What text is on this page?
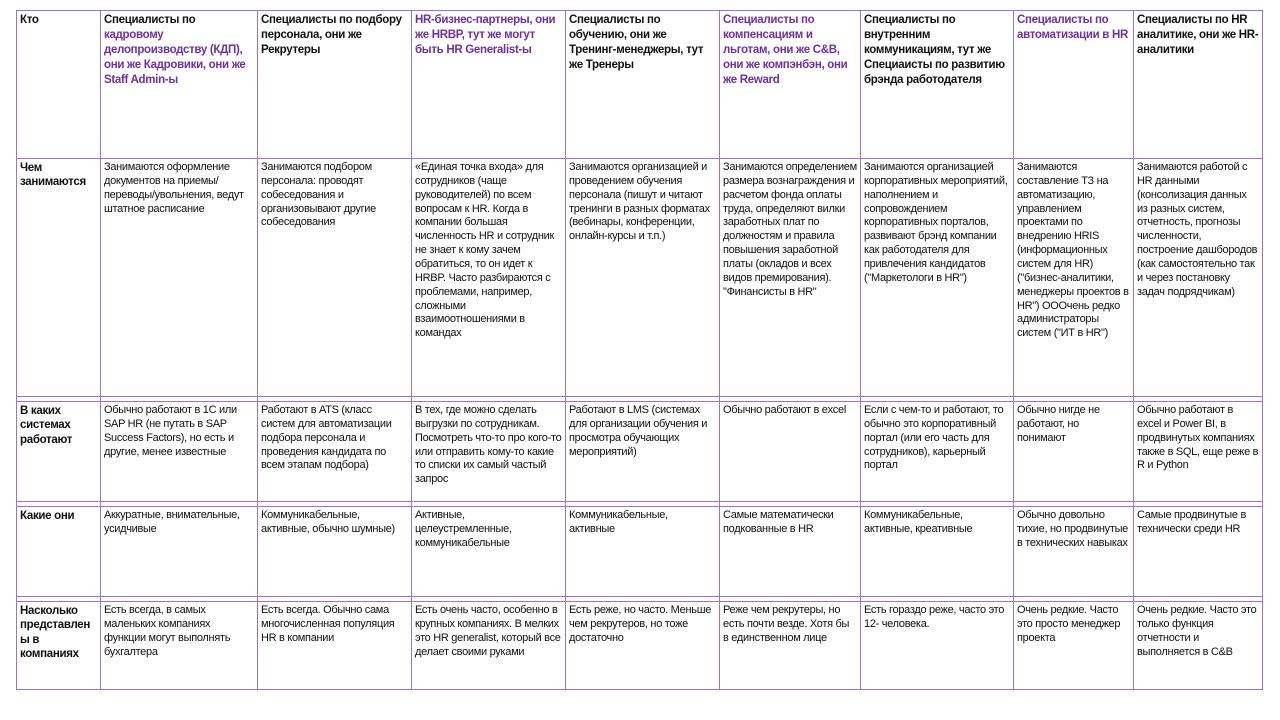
Кто	Специалисты по кадровому делопроизводству (КДП), они же Кадровики, они же Staff Admin-ы	Специалисты по подбору персонала, они же Рекрутеры	HR-бизнес-партнеры, они же HRBP, тут же могут быть HR Generalist-ы	Специалисты по обучению, они же Тренинг-менеджеры, тут же Тренеры	Специалисты по компенсациям и льготам, они же C&B, они же компэнбэн, они же Reward	Специалисты по внутренним коммуникациям, тут же Специаисты по развитию брэнда работодателя	Специалисты по автоматизации в HR	Специалисты по HR аналитике, они же HR-аналитики
Чем занимаются	Занимаются оформление документов на приемы/переводы/увольнения, ведут штатное расписание	Занимаются подбором персонала: проводят собеседования и организовывают другие собеседования	«Единая точка входа» для сотрудников (чаще руководителей) по всем вопросам к HR. Когда в компании большая численность HR и сотрудник не знает к кому зачем обратиться, то он идет к HRBP. Часто разбираются с проблемами, например, сложными взаимоотношениями в командах	Занимаются организацией и проведением обучения персонала (пишут и читают тренинги в разных форматах (вебинары, конференции, онлайн-курсы и т.п.)	Занимаются определением размера вознаграждения и расчетом фонда оплаты труда, определяют вилки заработных плат по должностям и правила повышения заработной платы (окладов и всех видов премирования). "Финансисты в HR"	Занимаются организацией корпоративных мероприятий, наполнением и сопровождением корпоративных порталов, развивают брэнд компании как работодателя для привлечения кандидатов ("Маркетологи в HR")	Занимаются составление ТЗ на автоматизацию, управлением проектами по внедрению HRIS (информационных систем для HR) ("бизнес-аналитики, менеджеры проектов в HR") ОООчень редко администраторы систем ("ИТ в HR")	Занимаются работой с HR данными (консолизация данных из разных систем, отчетность, прогнозы численности, построение дашбородов (как самостоятельно так и через постановку задач подрядчикам)

В каких системах работают	Обычно работают в 1С или SAP HR (не путать в SAP Success Factors), но есть и другие, менее известные	Работают в ATS (класс систем для автоматизации подбора персонала и проведения кандидата по всем этапам подбора)	В тех, где можно сделать выгрузки по сотрудникам. Посмотреть что-то про кого-то или отправить кому-то какие то списки их самый частый запрос	Работают в LMS (системах для организации обучения и просмотра обучающих мероприятий)	Обычно работают в excel	Если с чем-то и работают, то обычно это корпоративный портал (или его часть для сотрудников), карьерный портал	Обычно нигде не работают, но понимают	Обычно работают в excel и Power BI, в продвинутых компаниях также в SQL, еще реже в R и Python

Какие они	Аккуратные, внимательные, усидчивые	Коммуникабельные, активные, обычно шумные)	Активные, целеустремленные, коммуникабельные	Коммуникабельные, активные	Самые математически подкованные в HR	Коммуникабельные, активные, креативные	Обычно довольно тихие, но продвинутые в технических навыках	Самые продвинутые в технически среди HR

Насколько представлены в компаниях	Есть всегда, в самых маленьких компаниях функции могут выполнять бухгалтера	Есть всегда. Обычно сама многочисленная популяция HR в компании	Есть очень часто, особенно в крупных компаниях. В мелких это HR generalist, который все делает своими руками	Есть реже, но часто. Меньше чем рекрутеров, но тоже достаточно	Реже чем рекрутеры, но есть почти везде. Хотя бы в единственном лице	Есть гораздо реже, часто это 12- человека.	Очень редкие. Часто это просто менеджер проекта	Очень редкие. Часто это только функция отчетности и выполняется в C&B
